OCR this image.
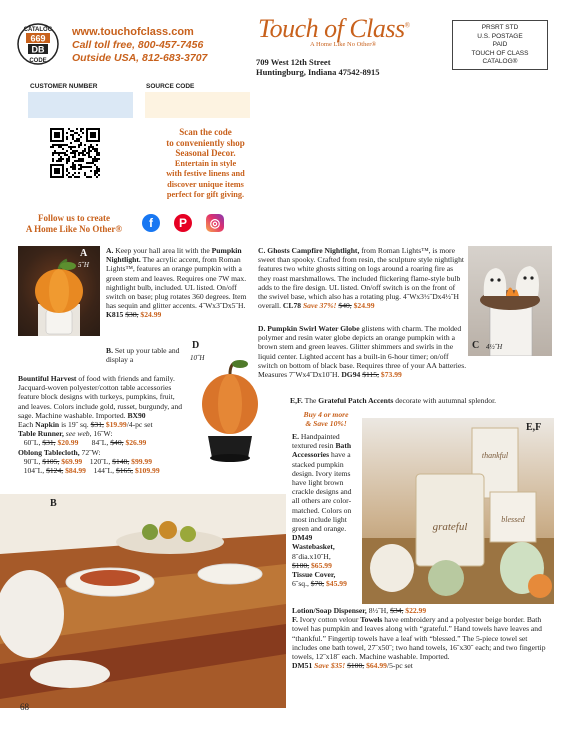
CATALOG
669
DB
CODE
www.touchofclass.com
Call toll free, 800-457-7456
Outside USA, 812-683-3707
Touch of Class®
A Home Like No Other®
709 West 12th Street
Huntingburg, Indiana 47542-8915
PRSRT STD
U.S. POSTAGE
PAID
TOUCH OF CLASS
CATALOG®
CUSTOMER NUMBER	SOURCE CODE
Scan the code
to conveniently shop
Seasonal Decor.
Entertain in style
with festive linens and
discover unique items
perfect for gift giving.
Follow us to create
A Home Like No Other®	f	P	◎
A
5˝H
A. Keep your hall area lit with the Pumpkin Nightlight. The acrylic accent, from Roman Lights™, features an orange pumpkin with a green stem and leaves. Requires one 7W max. nightlight bulb, included. UL listed. On/off switch on base; plug rotates 360 degrees. Item has sequin and glitter accents. 4˝Wx3˝Dx5˝H. K815 $38, $24.99
B. Set up your table and display a
Bountiful Harvest of food with friends and family. Jacquard-woven polyester/cotton table accessories feature block designs with turkeys, pumpkins, fruit, and leaves. Colors include gold, russet, burgundy, and sage. Machine washable. Imported. BX90
Each Napkin is 19˝ sq. $31, $19.99/4-pc set
Table Runner, see web, 16˝W:
60˝L, $31, $20.99 84˝L, $40, $26.99
Oblong Tablecloth, 72˝W:
90˝L, $105, $69.99 120˝L, $148, $99.99
104˝L, $124, $84.99 144˝L, $165, $109.99
D
10˝H
C. Ghosts Campfire Nightlight, from Roman Lights™, is more sweet than spooky. Crafted from resin, the sculpture style nightlight features two white ghosts sitting on logs around a roaring fire as they roast marshmallows. The included flickering flame-style bulb adds to the fire design. UL listed. On/off switch is on the front of the swivel base, which also has a rotating plug. 4˝Wx3½˝Dx4½˝H overall. CL78 Save 37%! $40, $24.99
C 4½˝H
D. Pumpkin Swirl Water Globe glistens with charm. The molded polymer and resin water globe depicts an orange pumpkin with a brown stem and green leaves. Glitter shimmers and swirls in the liquid center. Lighted accent has a built-in 6-hour timer; on/off switch on bottom of black base. Requires three of your AA batteries. Measures 7˝Wx4˝Dx10˝H. DG94 $115, $73.99
E,F. The Grateful Patch Accents decorate with autumnal splendor.
Buy 4 or more
& Save 10%!
E. Handpainted textured resin Bath Accessories have a stacked pumpkin design. Ivory items have light brown crackle designs and all others are color-matched. Colors on most include light green and orange. DM49
Wastebasket,
8˝dia.x10˝H,
$100, $65.99
Tissue Cover,
6˝sq., $70, $45.99
grateful
thankful
blessed
E,F
Lotion/Soap Dispenser, 8½˝H, $34, $22.99
F. Ivory cotton velour Towels have embroidery and a polyester beige border. Bath towel has pumpkin and leaves along with “grateful.” Hand towels have leaves and “thankful.” Fingertip towels have a leaf with “blessed.” The 5-piece towel set includes one bath towel, 27˝x50˝; two hand towels, 16˝x30˝ each; and two fingertip towels, 12˝x18˝ each. Machine washable. Imported.
DM51 Save $35! $100, $64.99/5-pc set
B
68
